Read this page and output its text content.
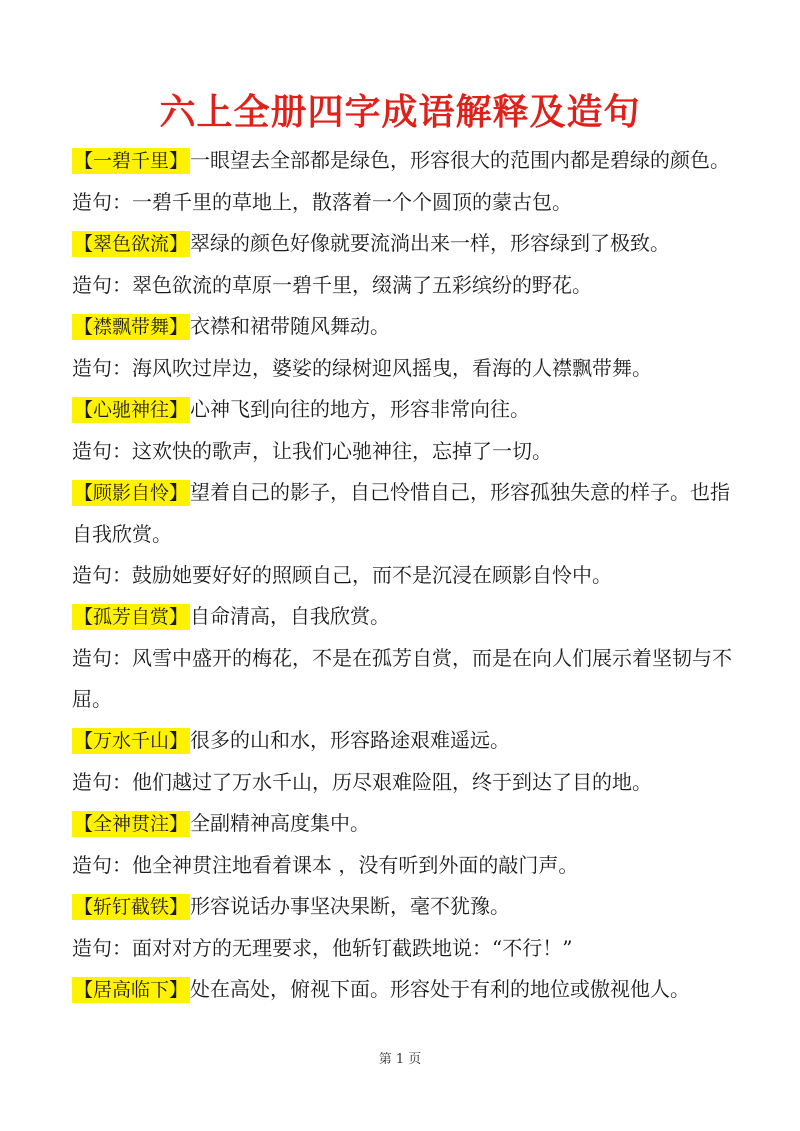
六上全册四字成语解释及造句
【一碧千里】 一眼望去全部都是绿色，形容很大的范围内都是碧绿的颜色。
造句：一碧千里的草地上，散落着一个个圆顶的蒙古包。
【翠色欲流】 翠绿的颜色好像就要流淌出来一样，形容绿到了极致。
造句：翠色欲流的草原一碧千里，缀满了五彩缤纷的野花。
【襟飘带舞】 衣襟和裙带随风舞动。
造句：海风吹过岸边，婆娑的绿树迎风摇曳，看海的人襟飘带舞。
【心驰神往】 心神飞到向往的地方，形容非常向往。
造句：这欢快的歌声，让我们心驰神往，忘掉了一切。
【顾影自怜】 望着自己的影子，自己怜惜自己，形容孤独失意的样子。也指自我欣赏。
造句：鼓励她要好好的照顾自己，而不是沉浸在顾影自怜中。
【孤芳自赏】 自命清高，自我欣赏。
造句：风雪中盛开的梅花，不是在孤芳自赏，而是在向人们展示着坚韧与不屈。
【万水千山】 很多的山和水，形容路途艰难遥远。
造句：他们越过了万水千山，历尽艰难险阻，终于到达了目的地。
【全神贯注】 全副精神高度集中。
造句：他全神贯注地看着课本 ，没有听到外面的敲门声。
【斩钉截铁】 形容说话办事坚决果断，毫不犹豫。
造句：面对对方的无理要求，他斩钉截跌地说：“不行！”
【居高临下】 处在高处，俯视下面。形容处于有利的地位或傲视他人。
第 1 页
